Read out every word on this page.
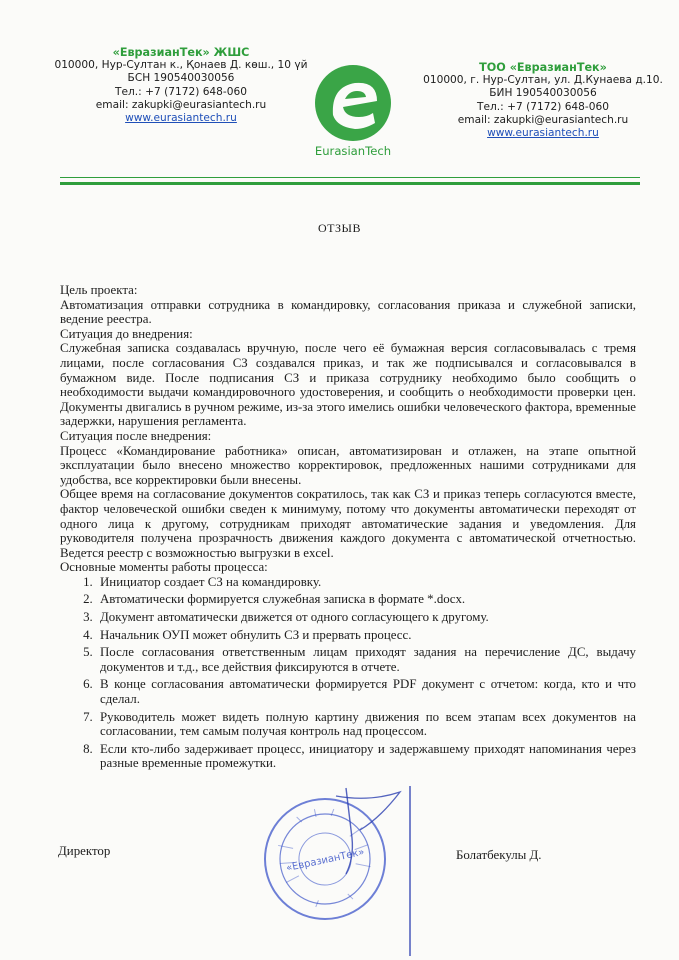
«ЕвразианТек» ЖШС
010000, Нур-Султан к., Қонаев Д. көш., 10 үй
БСН 190540030056
Тел.: +7 (7172) 648-060
email: zakupki@eurasiantech.ru
www.eurasiantech.ru
EurasianTech
ТОО «ЕвразианТек»
010000, г. Нур-Султан, ул. Д.Кунаева д.10.
БИН 190540030056
Тел.: +7 (7172) 648-060
email: zakupki@eurasiantech.ru
www.eurasiantech.ru
ОТЗЫВ

Цель проекта:

Автоматизация отправки сотрудника в командировку, согласования приказа и служебной записки, ведение реестра.

Ситуация до внедрения:

Служебная записка создавалась вручную, после чего её бумажная версия согласовывалась с тремя лицами, после согласования СЗ создавался приказ, и так же подписывался и согласовывался в бумажном виде. После подписания СЗ и приказа сотруднику необходимо было сообщить о необходимости выдачи командировочного удостоверения, и сообщить о необходимости проверки цен. Документы двигались в ручном режиме, из-за этого имелись ошибки человеческого фактора, временные задержки, нарушения регламента.

Ситуация после внедрения:

Процесс «Командирование работника» описан, автоматизирован и отлажен, на этапе опытной эксплуатации было внесено множество корректировок, предложенных нашими сотрудниками для удобства, все корректировки были внесены.

Общее время на согласование документов сократилось, так как СЗ и приказ теперь согласуются вместе, фактор человеческой ошибки сведен к минимуму, потому что документы автоматически переходят от одного лица к другому, сотрудникам приходят автоматические задания и уведомления. Для руководителя получена прозрачность движения каждого документа с автоматической отчетностью. Ведется реестр с возможностью выгрузки в excel.

Основные моменты работы процесса:

1. Инициатор создает СЗ на командировку.
2. Автоматически формируется служебная записка в формате *.docx.
3. Документ автоматически движется от одного согласующего к другому.
4. Начальник ОУП может обнулить СЗ и прервать процесс.
5. После согласования ответственным лицам приходят задания на перечисление ДС, выдачу документов и т.д., все действия фиксируются в отчете.
6. В конце согласования автоматически формируется PDF документ с отчетом: когда, кто и что сделал.
7. Руководитель может видеть полную картину движения по всем этапам всех документов на согласовании, тем самым получая контроль над процессом.
8. Если кто-либо задерживает процесс, инициатору и задержавшему приходят напоминания через разные временные промежутки.
Директор	Болатбекулы Д.
«ЕвразианТек»
